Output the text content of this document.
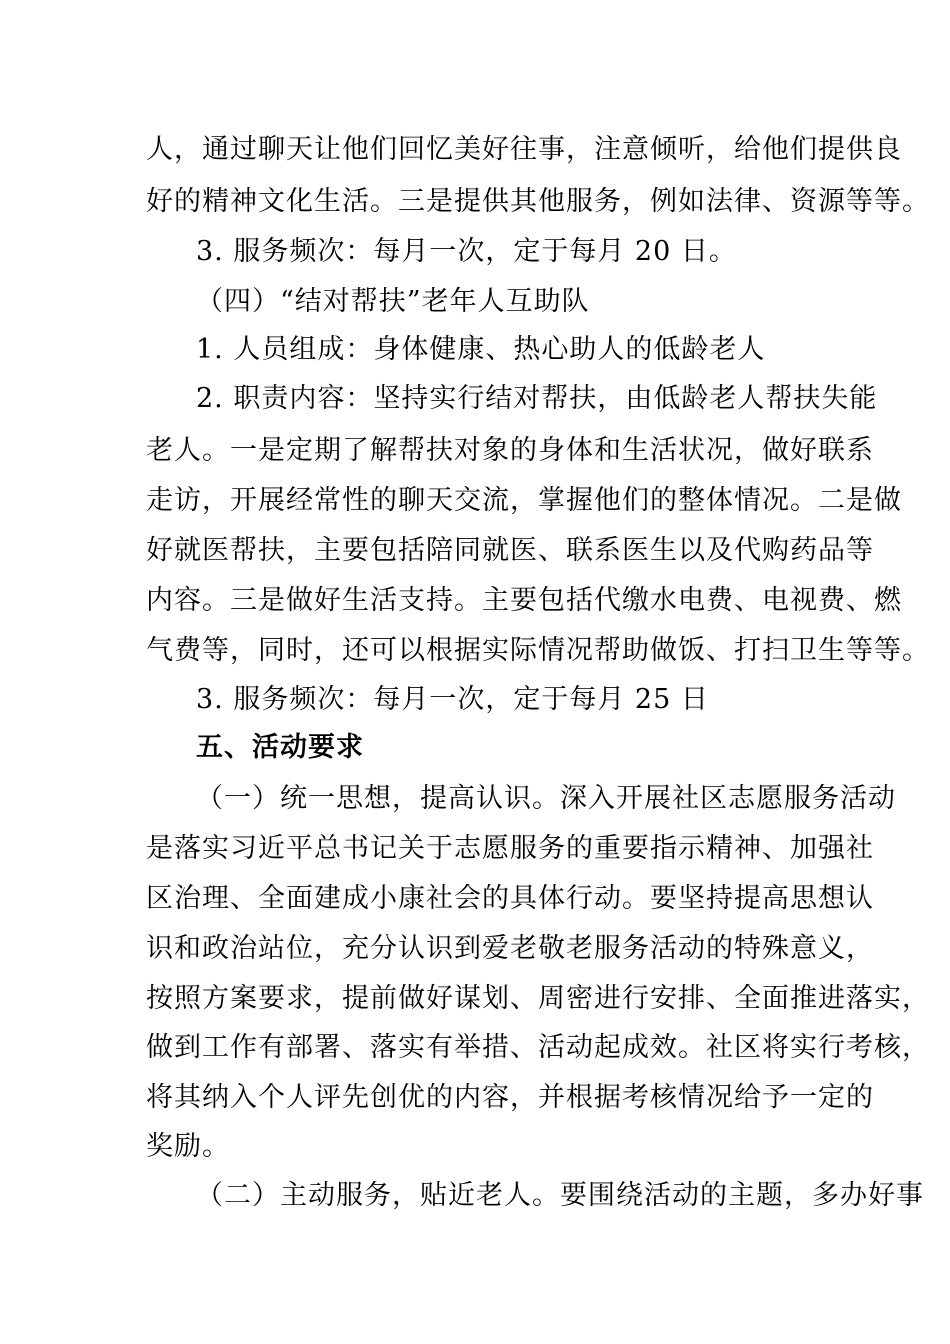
人，通过聊天让他们回忆美好往事，注意倾听，给他们提供良
好的精神文化生活。三是提供其他服务，例如法律、资源等等。
3. 服务频次：每月一次，定于每月 20 日。
（四）“结对帮扶”老年人互助队
1. 人员组成：身体健康、热心助人的低龄老人
2. 职责内容：坚持实行结对帮扶，由低龄老人帮扶失能
老人。一是定期了解帮扶对象的身体和生活状况，做好联系
走访，开展经常性的聊天交流，掌握他们的整体情况。二是做
好就医帮扶，主要包括陪同就医、联系医生以及代购药品等
内容。三是做好生活支持。主要包括代缴水电费、电视费、燃
气费等，同时，还可以根据实际情况帮助做饭、打扫卫生等等。
3. 服务频次：每月一次，定于每月 25 日
五、活动要求
（一）统一思想，提高认识。深入开展社区志愿服务活动
是落实习近平总书记关于志愿服务的重要指示精神、加强社
区治理、全面建成小康社会的具体行动。要坚持提高思想认
识和政治站位，充分认识到爱老敬老服务活动的特殊意义，
按照方案要求，提前做好谋划、周密进行安排、全面推进落实，
做到工作有部署、落实有举措、活动起成效。社区将实行考核，
将其纳入个人评先创优的内容，并根据考核情况给予一定的
奖励。
（二）主动服务，贴近老人。要围绕活动的主题，多办好事
